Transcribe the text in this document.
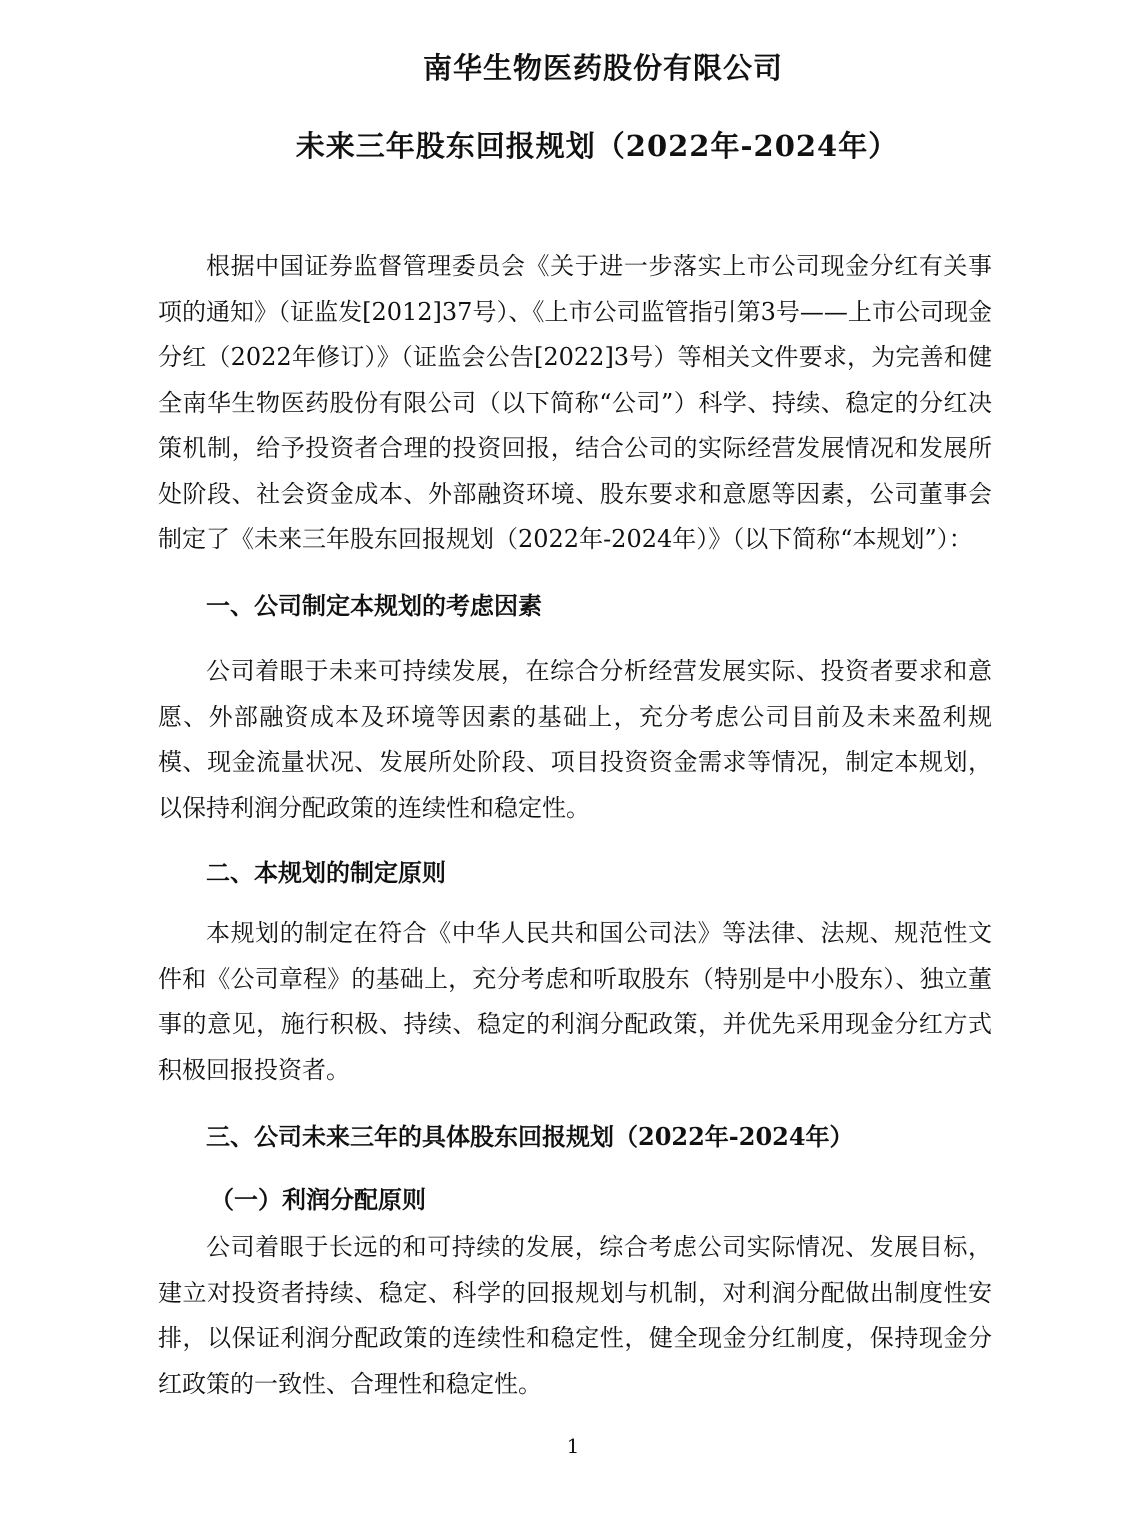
南华生物医药股份有限公司
未来三年股东回报规划（2022年-2024年）

根据中国证券监督管理委员会《关于进一步落实上市公司现金分红有关事项的通知》（证监发[2012]37号）、《上市公司监管指引第3号——上市公司现金分红（2022年修订）》（证监会公告[2022]3号）等相关文件要求，为完善和健全南华生物医药股份有限公司（以下简称“公司”）科学、持续、稳定的分红决策机制，给予投资者合理的投资回报，结合公司的实际经营发展情况和发展所处阶段、社会资金成本、外部融资环境、股东要求和意愿等因素，公司董事会制定了《未来三年股东回报规划（2022年-2024年）》（以下简称“本规划”）：

一、公司制定本规划的考虑因素

公司着眼于未来可持续发展，在综合分析经营发展实际、投资者要求和意愿、外部融资成本及环境等因素的基础上，充分考虑公司目前及未来盈利规模、现金流量状况、发展所处阶段、项目投资资金需求等情况，制定本规划，以保持利润分配政策的连续性和稳定性。

二、本规划的制定原则

本规划的制定在符合《中华人民共和国公司法》等法律、法规、规范性文件和《公司章程》的基础上，充分考虑和听取股东（特别是中小股东）、独立董事的意见，施行积极、持续、稳定的利润分配政策，并优先采用现金分红方式积极回报投资者。

三、公司未来三年的具体股东回报规划（2022年-2024年）

（一）利润分配原则

公司着眼于长远的和可持续的发展，综合考虑公司实际情况、发展目标，建立对投资者持续、稳定、科学的回报规划与机制，对利润分配做出制度性安排，以保证利润分配政策的连续性和稳定性，健全现金分红制度，保持现金分红政策的一致性、合理性和稳定性。

1
